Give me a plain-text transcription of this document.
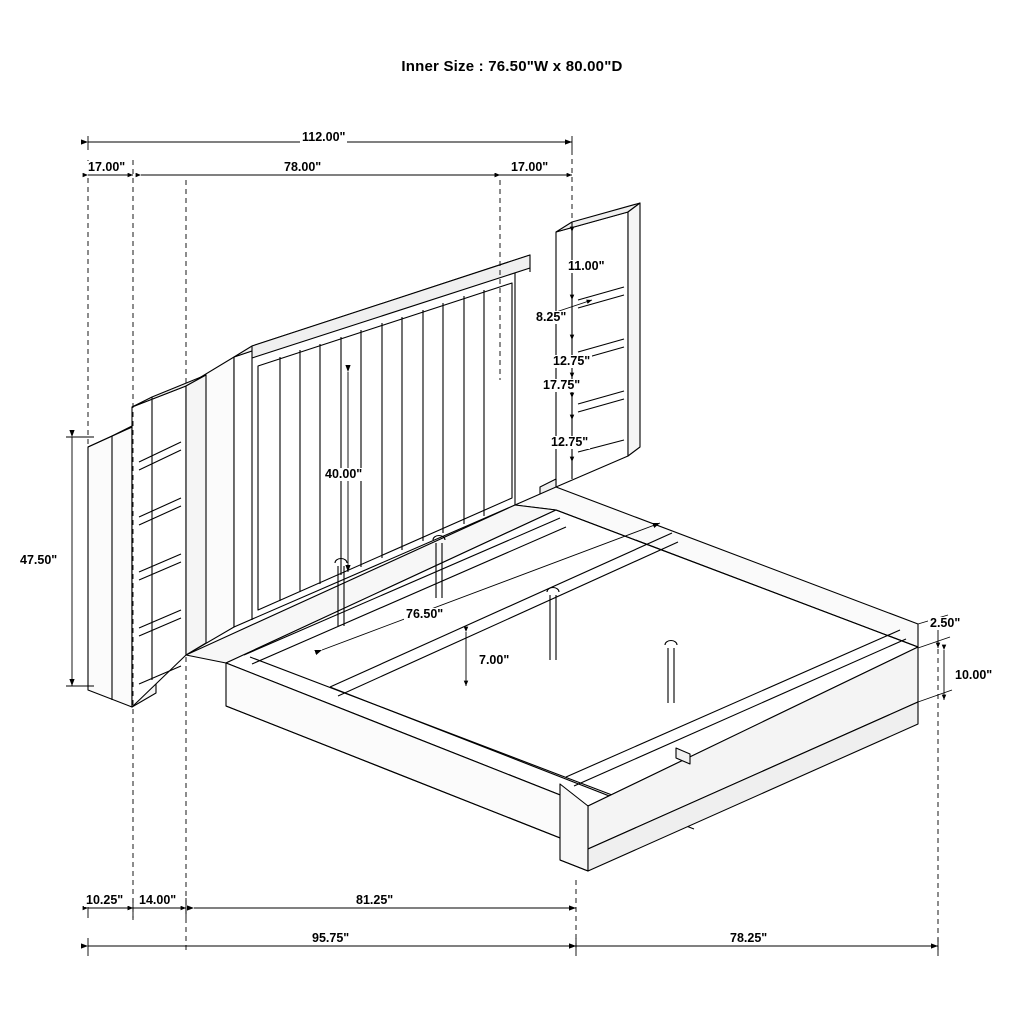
Inner Size : 76.50"W x 80.00"D
112.00"
17.00"	78.00"	17.00"
11.00"
8.25"
12.75"
17.75"
12.75"
40.00"
47.50"
76.50"
7.00"
2.50"
10.00"
10.25" 14.00"	81.25"
95.75"	78.25"
